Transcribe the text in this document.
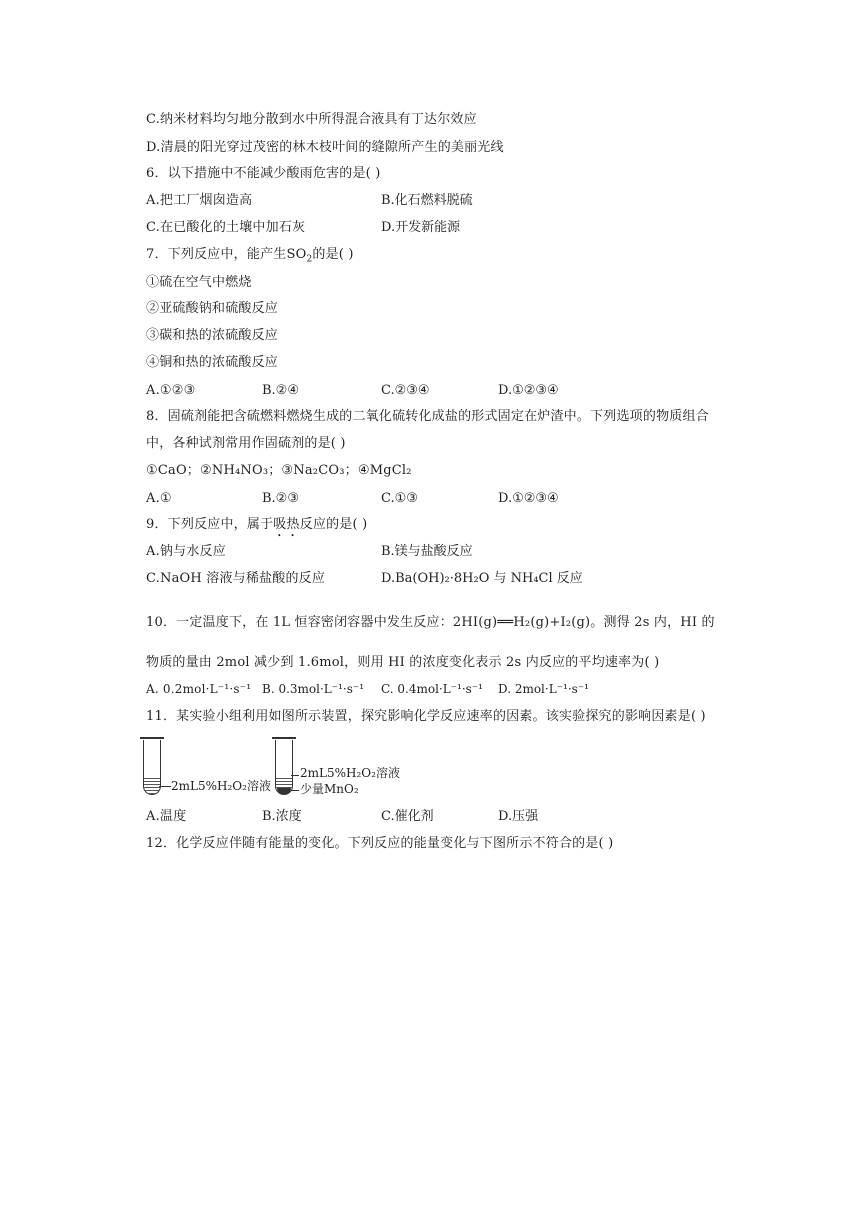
C.纳米材料均匀地分散到水中所得混合液具有丁达尔效应
D.清晨的阳光穿过茂密的林木枝叶间的缝隙所产生的美丽光线
6．以下措施中不能减少酸雨危害的是( )
A.把工厂烟囱造高	B.化石燃料脱硫
C.在已酸化的土壤中加石灰	D.开发新能源
7．下列反应中，能产生$SO_2$的是( )
①硫在空气中燃烧
②亚硫酸钠和硫酸反应
③碳和热的浓硫酸反应
④铜和热的浓硫酸反应
A.①②③	B.②④	C.②③④	D.①②③④
8．固硫剂能把含硫燃料燃烧生成的二氧化硫转化成盐的形式固定在炉渣中。下列选项的物质组合
中，各种试剂常用作固硫剂的是( )
①CaO；②NH₄NO₃；③Na₂CO₃；④MgCl₂
A.①	B.②③	C.①③	D.①②③④
9．下列反应中，属于吸热反应的是( )
A.钠与水反应	B.镁与盐酸反应
C.NaOH 溶液与稀盐酸的反应	D.Ba(OH)₂·8H₂O 与 NH₄Cl 反应
10．一定温度下，在 1L 恒容密闭容器中发生反应：2HI(g)══H₂(g)+I₂(g)。测得 2s 内，HI 的
物质的量由 2mol 减少到 1.6mol，则用 HI 的浓度变化表示 2s 内反应的平均速率为( )
A. 0.2mol·L⁻¹·s⁻¹ B. 0.3mol·L⁻¹·s⁻¹ C. 0.4mol·L⁻¹·s⁻¹ D. 2mol·L⁻¹·s⁻¹
11．某实验小组利用如图所示装置，探究影响化学反应速率的因素。该实验探究的影响因素是( )
2mL5%H₂O₂溶液
2mL5%H₂O₂溶液
少量MnO₂
A.温度	B.浓度	C.催化剂	D.压强
12．化学反应伴随有能量的变化。下列反应的能量变化与下图所示不符合的是( )
